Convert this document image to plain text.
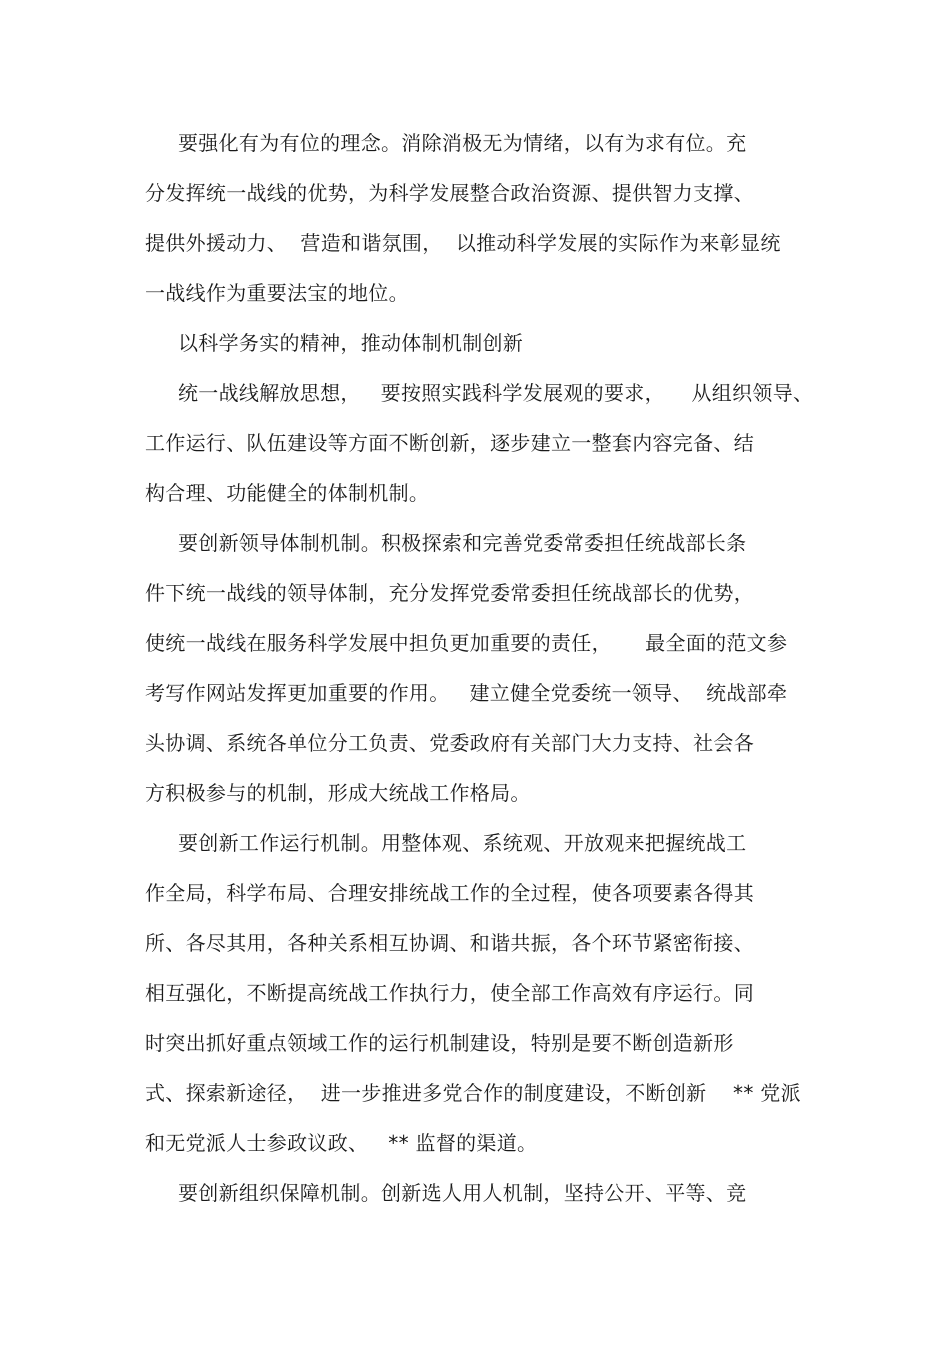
要强化有为有位的理念。消除消极无为情绪，以有为求有位。充
分发挥统一战线的优势，为科学发展整合政治资源、提供智力支撑、
提供外援动力、  营造和谐氛围，  以推动科学发展的实际作为来彰显统
一战线作为重要法宝的地位。
以科学务实的精神，推动体制机制创新
统一战线解放思想，   要按照实践科学发展观的要求，    从组织领导、
工作运行、队伍建设等方面不断创新，逐步建立一整套内容完备、结
构合理、功能健全的体制机制。
要创新领导体制机制。积极探索和完善党委常委担任统战部长条
件下统一战线的领导体制，充分发挥党委常委担任统战部长的优势，
使统一战线在服务科学发展中担负更加重要的责任，     最全面的范文参
考写作网站发挥更加重要的作用。   建立健全党委统一领导、  统战部牵
头协调、系统各单位分工负责、党委政府有关部门大力支持、社会各
方积极参与的机制，形成大统战工作格局。
要创新工作运行机制。用整体观、系统观、开放观来把握统战工
作全局，科学布局、合理安排统战工作的全过程，使各项要素各得其
所、各尽其用，各种关系相互协调、和谐共振，各个环节紧密衔接、
相互强化，不断提高统战工作执行力，使全部工作高效有序运行。同
时突出抓好重点领域工作的运行机制建设，特别是要不断创造新形
式、探索新途径，  进一步推进多党合作的制度建设，不断创新    ** 党派
和无党派人士参政议政、   ** 监督的渠道。
要创新组织保障机制。创新选人用人机制，坚持公开、平等、竞
